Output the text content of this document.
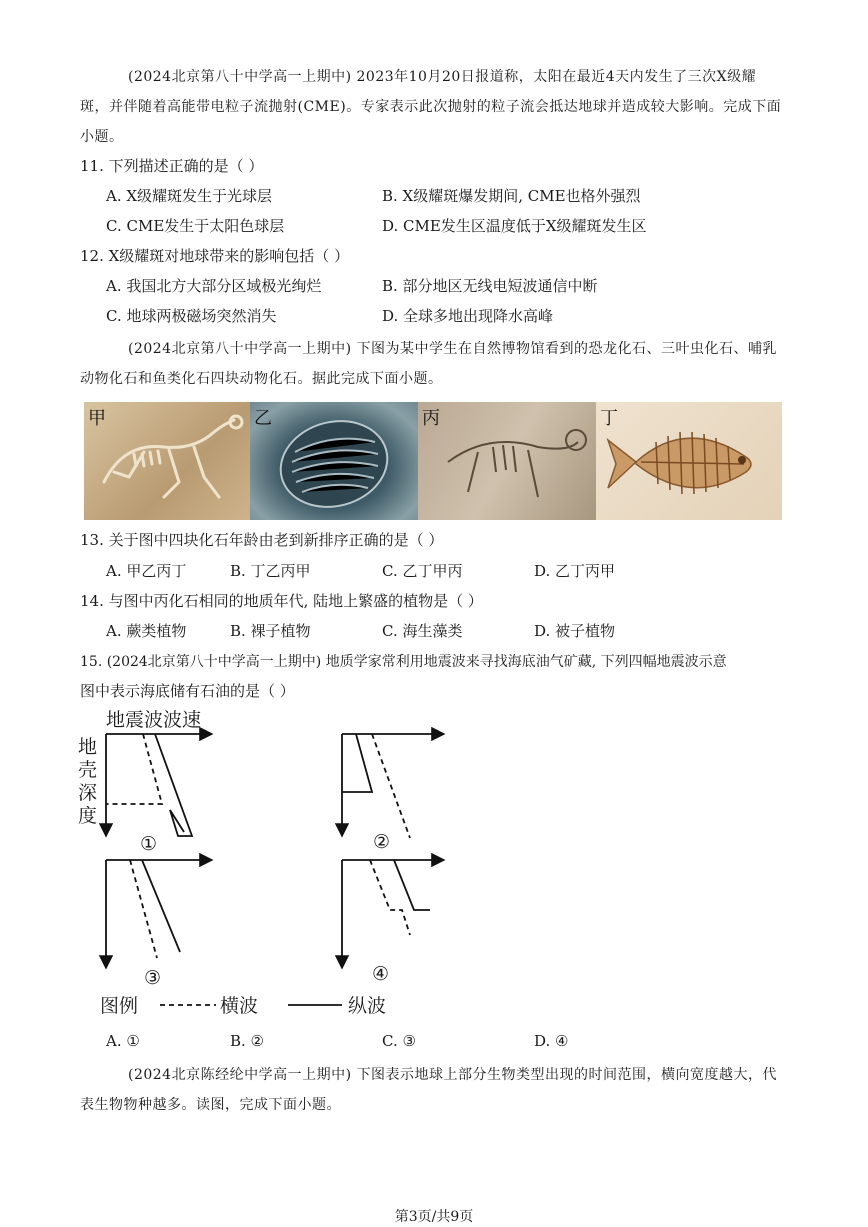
(2024北京第八十中学高一上期中) 2023年10月20日报道称，太阳在最近4天内发生了三次X级耀斑，并伴随着高能带电粒子流抛射(CME)。专家表示此次抛射的粒子流会抵达地球并造成较大影响。完成下面小题。
11. 下列描述正确的是（ ）
A. X级耀斑发生于光球层	B. X级耀斑爆发期间, CME也格外强烈
C. CME发生于太阳色球层	D. CME发生区温度低于X级耀斑发生区
12. X级耀斑对地球带来的影响包括（ ）
A. 我国北方大部分区域极光绚烂	B. 部分地区无线电短波通信中断
C. 地球两极磁场突然消失	D. 全球多地出现降水高峰
(2024北京第八十中学高一上期中) 下图为某中学生在自然博物馆看到的恐龙化石、三叶虫化石、哺乳动物化石和鱼类化石四块动物化石。据此完成下面小题。
甲	乙	丙	丁
13. 关于图中四块化石年龄由老到新排序正确的是（ ）
A. 甲乙丙丁	B. 丁乙丙甲	C. 乙丁甲丙	D. 乙丁丙甲
14. 与图中丙化石相同的地质年代, 陆地上繁盛的植物是（ ）
A. 蕨类植物	B. 裸子植物	C. 海生藻类	D. 被子植物
15. (2024北京第八十中学高一上期中) 地质学家常利用地震波来寻找海底油气矿藏, 下列四幅地震波示意
图中表示海底储有石油的是（ ）
地震波波速
地
壳
深
度
①	②
③	④
图例	横波	纵波
A. ①	B. ②	C. ③	D. ④
(2024北京陈经纶中学高一上期中) 下图表示地球上部分生物类型出现的时间范围，横向宽度越大，代表生物物种越多。读图，完成下面小题。
第3页/共9页
